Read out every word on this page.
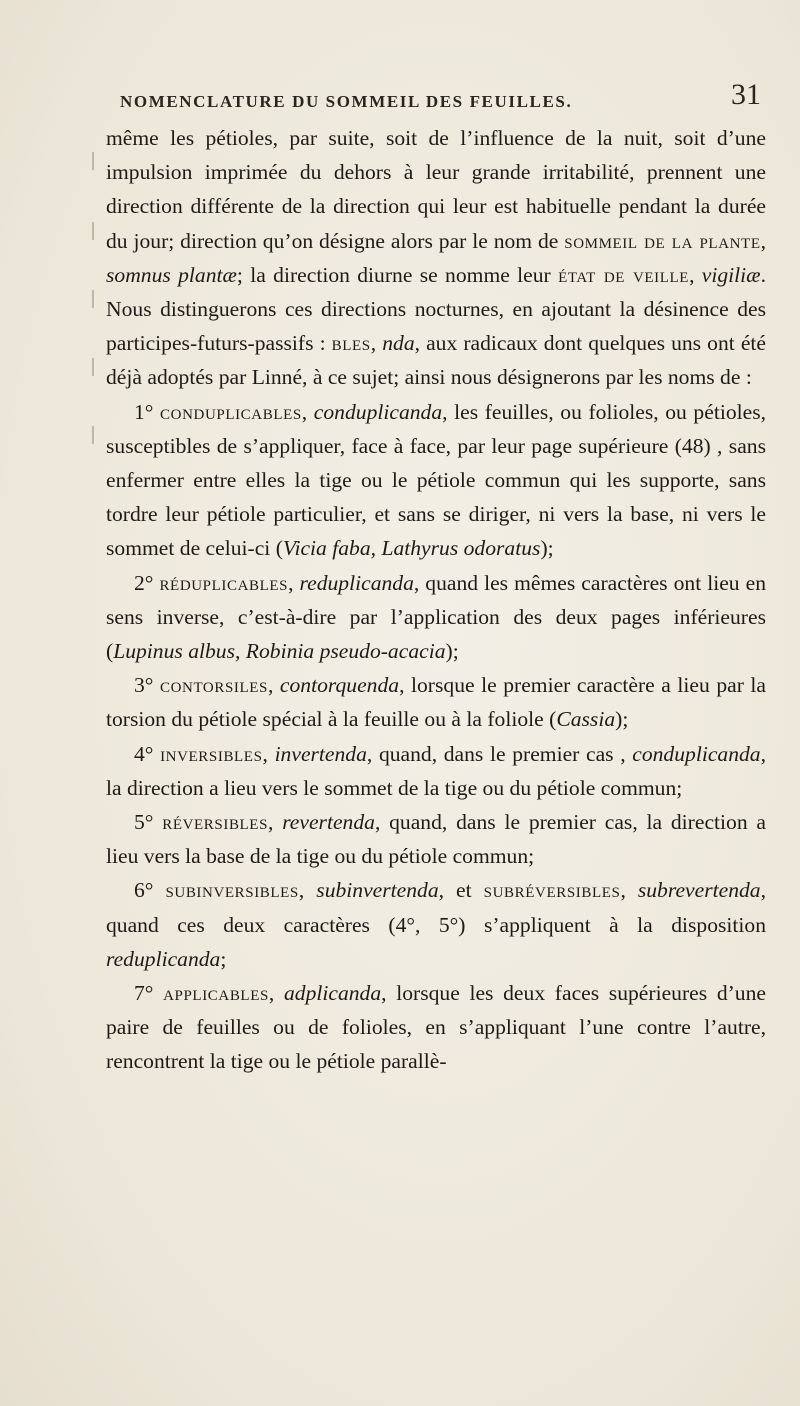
NOMENCLATURE DU SOMMEIL DES FEUILLES.	31

même les pétioles, par suite, soit de l’influence de la nuit, soit d’une impulsion imprimée du dehors à leur grande irritabilité, prennent une direction différente de la direction qui leur est habituelle pendant la durée du jour; direction qu’on désigne alors par le nom de sommeil de la plante, somnus plantæ; la direction diurne se nomme leur état de veille, vigiliæ. Nous distinguerons ces directions nocturnes, en ajoutant la désinence des participes-futurs-passifs : bles, nda, aux radicaux dont quelques uns ont été déjà adoptés par Linné, à ce sujet; ainsi nous désignerons par les noms de :

1° conduplicables, conduplicanda, les feuilles, ou folioles, ou pétioles, susceptibles de s’appliquer, face à face, par leur page supérieure (48) , sans enfermer entre elles la tige ou le pétiole commun qui les supporte, sans tordre leur pétiole particulier, et sans se diriger, ni vers la base, ni vers le sommet de celui-ci (Vicia faba, Lathyrus odoratus);

2° réduplicables, reduplicanda, quand les mêmes caractères ont lieu en sens inverse, c’est-à-dire par l’application des deux pages inférieures (Lupinus albus, Robinia pseudo-acacia);

3° contorsiles, contorquenda, lorsque le premier caractère a lieu par la torsion du pétiole spécial à la feuille ou à la foliole (Cassia);

4° inversibles, invertenda, quand, dans le premier cas , conduplicanda, la direction a lieu vers le sommet de la tige ou du pétiole commun;

5° réversibles, revertenda, quand, dans le premier cas, la direction a lieu vers la base de la tige ou du pétiole commun;

6° subinversibles, subinvertenda, et subréversibles, subrevertenda, quand ces deux caractères (4°, 5°) s’appliquent à la disposition reduplicanda;

7° applicables, adplicanda, lorsque les deux faces supérieures d’une paire de feuilles ou de folioles, en s’appliquant l’une contre l’autre, rencontrent la tige ou le pétiole parallè-
